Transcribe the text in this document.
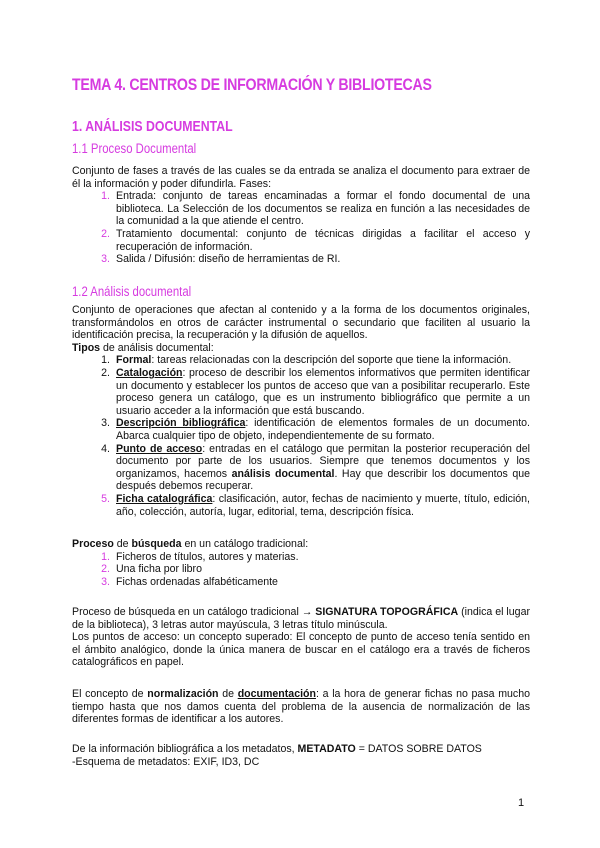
TEMA 4. CENTROS DE INFORMACIÓN Y BIBLIOTECAS
1. ANÁLISIS DOCUMENTAL
1.1 Proceso Documental

Conjunto de fases a través de las cuales se da entrada se analiza el documento para extraer de él la información y poder difundirla. Fases:

1. Entrada: conjunto de tareas encaminadas a formar el fondo documental de una biblioteca. La Selección de los documentos se realiza en función a las necesidades de la comunidad a la que atiende el centro.
2. Tratamiento documental: conjunto de técnicas dirigidas a facilitar el acceso y recuperación de información.
3. Salida / Difusión: diseño de herramientas de RI.
1.2 Análisis documental

Conjunto de operaciones que afectan al contenido y a la forma de los documentos originales, transformándolos en otros de carácter instrumental o secundario que faciliten al usuario la identificación precisa, la recuperación y la difusión de aquellos.

Tipos de análisis documental:

1. Formal: tareas relacionadas con la descripción del soporte que tiene la información.
2. Catalogación: proceso de describir los elementos informativos que permiten identificar un documento y establecer los puntos de acceso que van a posibilitar recuperarlo. Este proceso genera un catálogo, que es un instrumento bibliográfico que permite a un usuario acceder a la información que está buscando.
3. Descripción bibliográfica: identificación de elementos formales de un documento. Abarca cualquier tipo de objeto, independientemente de su formato.
4. Punto de acceso: entradas en el catálogo que permitan la posterior recuperación del documento por parte de los usuarios. Siempre que tenemos documentos y los organizamos, hacemos análisis documental. Hay que describir los documentos que después debemos recuperar.
5. Ficha catalográfica: clasificación, autor, fechas de nacimiento y muerte, título, edición, año, colección, autoría, lugar, editorial, tema, descripción física.

Proceso de búsqueda en un catálogo tradicional:

1. Ficheros de títulos, autores y materias.
2. Una ficha por libro
3. Fichas ordenadas alfabéticamente

Proceso de búsqueda en un catálogo tradicional → SIGNATURA TOPOGRÁFICA (indica el lugar de la biblioteca), 3 letras autor mayúscula, 3 letras título minúscula.

Los puntos de acceso: un concepto superado: El concepto de punto de acceso tenía sentido en el ámbito analógico, donde la única manera de buscar en el catálogo era a través de ficheros catalográficos en papel.

El concepto de normalización de documentación: a la hora de generar fichas no pasa mucho tiempo hasta que nos damos cuenta del problema de la ausencia de normalización de las diferentes formas de identificar a los autores.

De la información bibliográfica a los metadatos, METADATO = DATOS SOBRE DATOS

-Esquema de metadatos: EXIF, ID3, DC

1
